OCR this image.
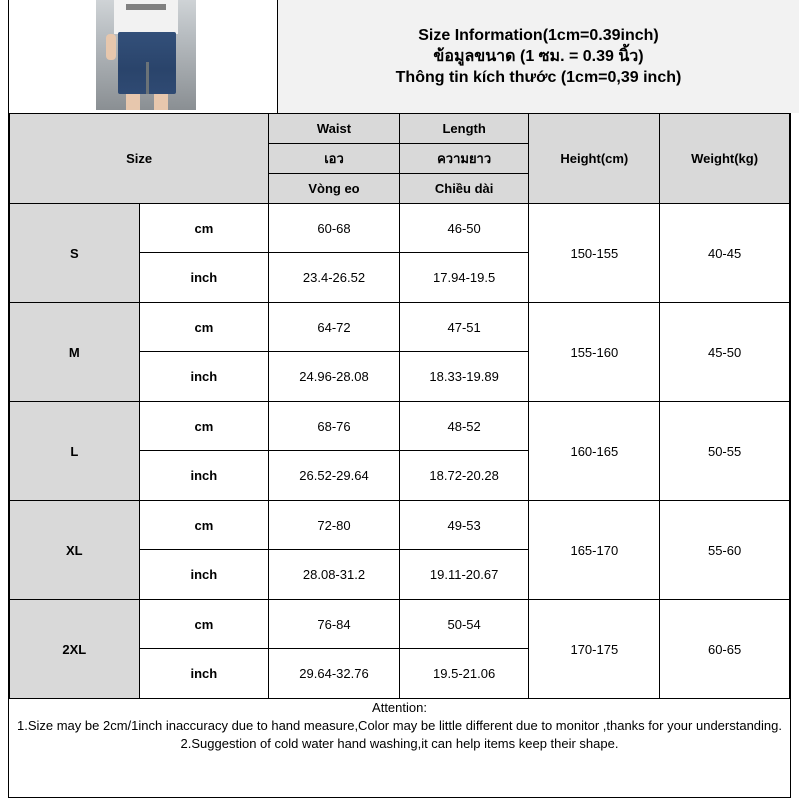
Size Information(1cm=0.39inch)
ข้อมูลขนาด (1 ซม. = 0.39 นิ้ว)
Thông tin kích thước (1cm=0,39 inch)
Size		Waist	Length	Height(cm)	Weight(kg)
		เอว	ความยาว		
		Vòng eo	Chiều dài		
S	cm	60-68	46-50	150-155	40-45
	inch	23.4-26.52	17.94-19.5		
M	cm	64-72	47-51	155-160	45-50
	inch	24.96-28.08	18.33-19.89		
L	cm	68-76	48-52	160-165	50-55
	inch	26.52-29.64	18.72-20.28		
XL	cm	72-80	49-53	165-170	55-60
	inch	28.08-31.2	19.11-20.67		
2XL	cm	76-84	50-54	170-175	60-65
	inch	29.64-32.76	19.5-21.06		
Attention:
1.Size may be 2cm/1inch inaccuracy due to hand measure,Color may be little different due to monitor ,thanks for your understanding.
2.Suggestion of cold water hand washing,it can help items keep their shape.
